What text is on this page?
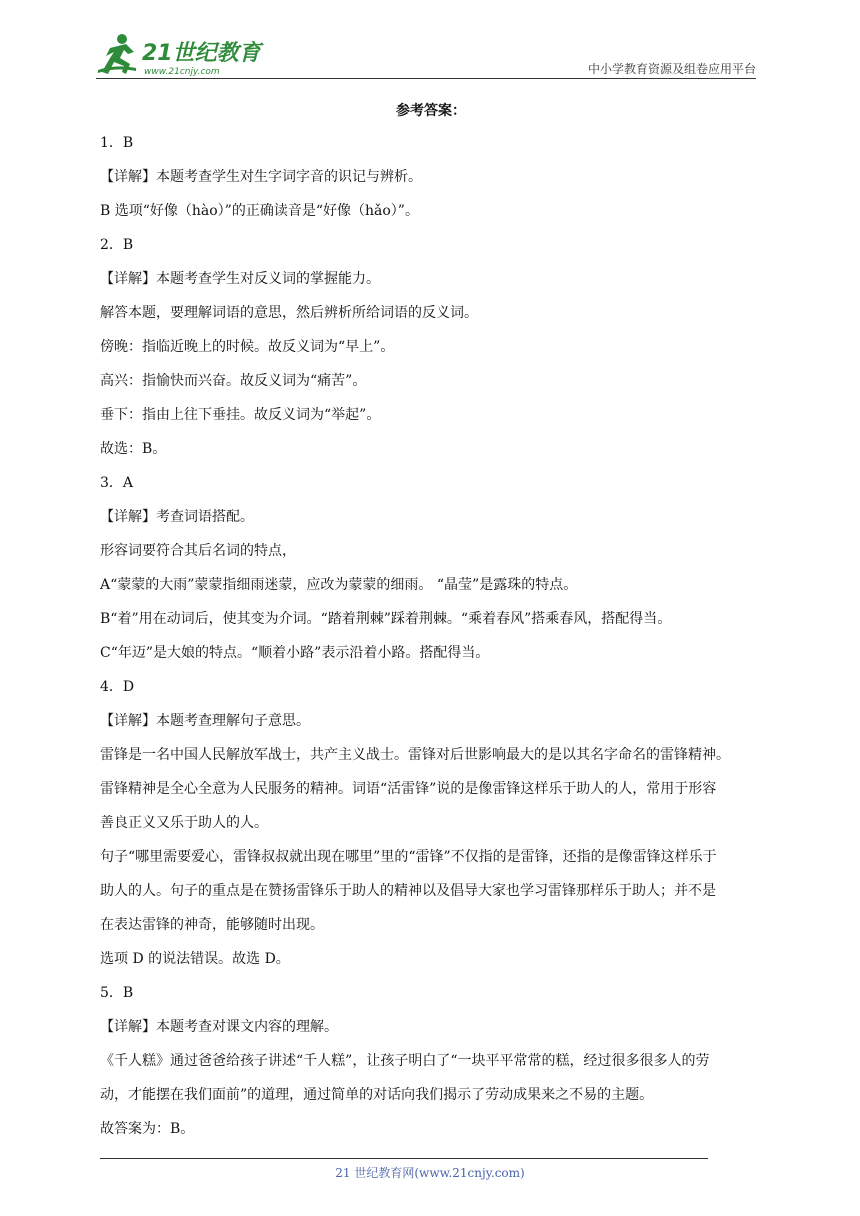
21世纪教育
www.21cnjy.com	中小学教育资源及组卷应用平台

参考答案：

1．B

【详解】本题考查学生对生字词字音的识记与辨析。

B 选项“好像（hào）”的正确读音是“好像（hǎo）”。

2．B

【详解】本题考查学生对反义词的掌握能力。

解答本题，要理解词语的意思，然后辨析所给词语的反义词。

傍晚：指临近晚上的时候。故反义词为“早上”。

高兴：指愉快而兴奋。故反义词为“痛苦”。

垂下：指由上往下垂挂。故反义词为“举起”。

故选：B。

3．A

【详解】考查词语搭配。

形容词要符合其后名词的特点，

A“蒙蒙的大雨”蒙蒙指细雨迷蒙，应改为蒙蒙的细雨。 “晶莹”是露珠的特点。

B“着”用在动词后，使其变为介词。“踏着荆棘”踩着荆棘。“乘着春风”搭乘春风，搭配得当。

C“年迈”是大娘的特点。“顺着小路”表示沿着小路。搭配得当。

4．D

【详解】本题考查理解句子意思。

雷锋是一名中国人民解放军战士，共产主义战士。雷锋对后世影响最大的是以其名字命名的雷锋精神。

雷锋精神是全心全意为人民服务的精神。词语“活雷锋”说的是像雷锋这样乐于助人的人，常用于形容

善良正义又乐于助人的人。

句子“哪里需要爱心，雷锋叔叔就出现在哪里”里的“雷锋”不仅指的是雷锋，还指的是像雷锋这样乐于

助人的人。句子的重点是在赞扬雷锋乐于助人的精神以及倡导大家也学习雷锋那样乐于助人；并不是

在表达雷锋的神奇，能够随时出现。

选项 D 的说法错误。故选 D。

5．B

【详解】本题考查对课文内容的理解。

《千人糕》通过爸爸给孩子讲述“千人糕”，让孩子明白了“一块平平常常的糕，经过很多很多人的劳

动，才能摆在我们面前”的道理，通过简单的对话向我们揭示了劳动成果来之不易的主题。

故答案为：B。

21 世纪教育网(www.21cnjy.com)
